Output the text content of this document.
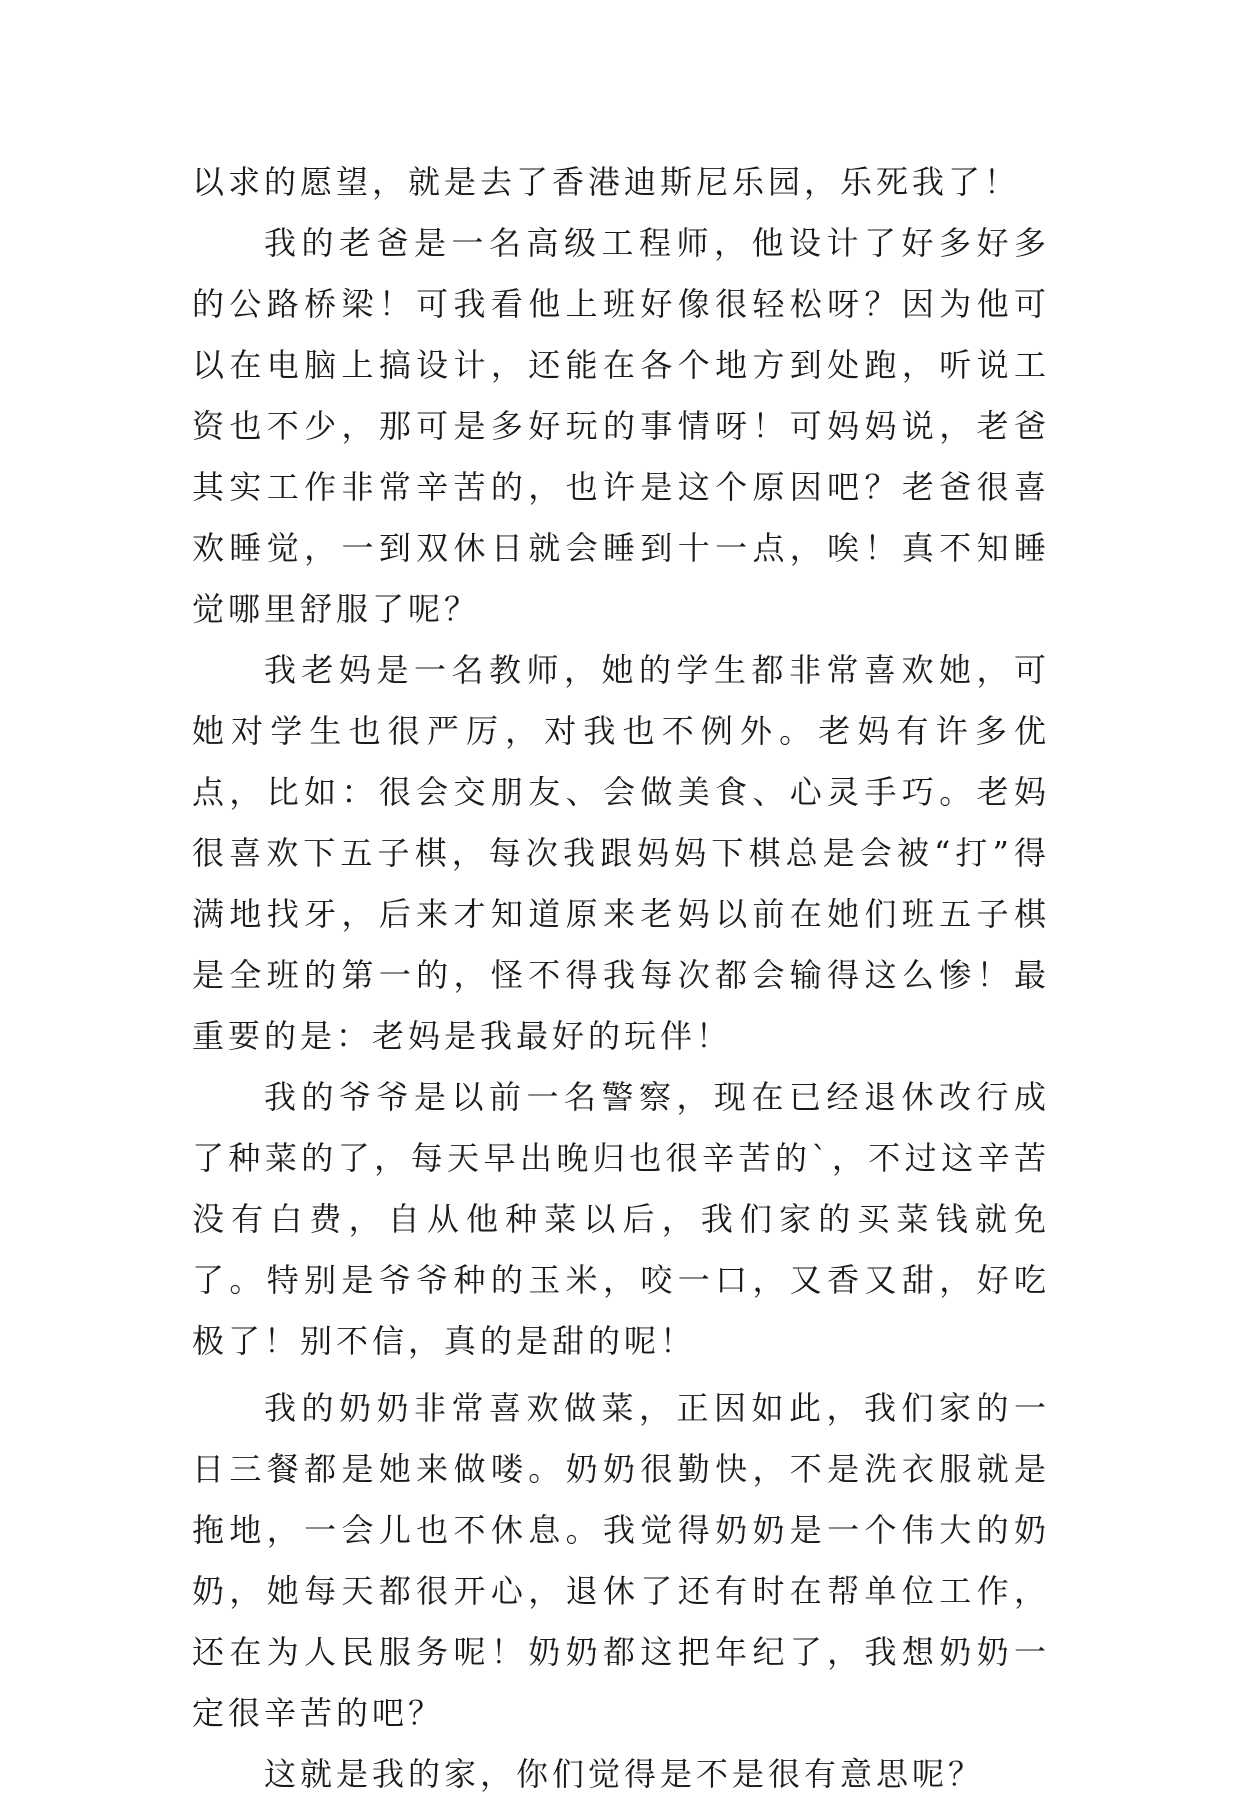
以求的愿望，就是去了香港迪斯尼乐园，乐死我了！

我的老爸是一名高级工程师，他设计了好多好多的公路桥梁！可我看他上班好像很轻松呀？因为他可以在电脑上搞设计，还能在各个地方到处跑，听说工资也不少，那可是多好玩的事情呀！可妈妈说，老爸其实工作非常辛苦的，也许是这个原因吧？老爸很喜欢睡觉，一到双休日就会睡到十一点，唉！真不知睡觉哪里舒服了呢？

我老妈是一名教师，她的学生都非常喜欢她，可她对学生也很严厉，对我也不例外。老妈有许多优点，比如：很会交朋友、会做美食、心灵手巧。老妈很喜欢下五子棋，每次我跟妈妈下棋总是会被“打”得满地找牙，后来才知道原来老妈以前在她们班五子棋是全班的第一的，怪不得我每次都会输得这么惨！最重要的是：老妈是我最好的玩伴！

我的爷爷是以前一名警察，现在已经退休改行成了种菜的了，每天早出晚归也很辛苦的`，不过这辛苦没有白费，自从他种菜以后，我们家的买菜钱就免了。特别是爷爷种的玉米，咬一口，又香又甜，好吃极了！别不信，真的是甜的呢！

我的奶奶非常喜欢做菜，正因如此，我们家的一日三餐都是她来做喽。奶奶很勤快，不是洗衣服就是拖地，一会儿也不休息。我觉得奶奶是一个伟大的奶奶，她每天都很开心，退休了还有时在帮单位工作，还在为人民服务呢！奶奶都这把年纪了，我想奶奶一定很辛苦的吧？

这就是我的家，你们觉得是不是很有意思呢？
